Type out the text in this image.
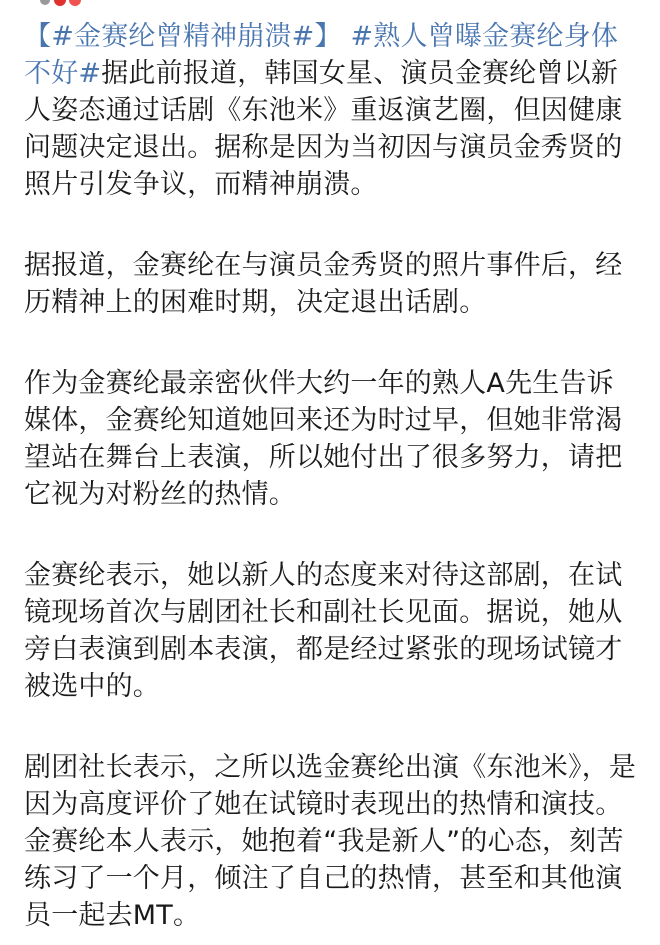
【#金赛纶曾精神崩溃#】 #熟人曾曝金赛纶身体不好#据此前报道，韩国女星、演员金赛纶曾以新人姿态通过话剧《东池米》重返演艺圈，但因健康问题决定退出。据称是因为当初因与演员金秀贤的照片引发争议，而精神崩溃。

据报道，金赛纶在与演员金秀贤的照片事件后，经历精神上的困难时期，决定退出话剧。

作为金赛纶最亲密伙伴大约一年的熟人A先生告诉媒体，金赛纶知道她回来还为时过早，但她非常渴望站在舞台上表演，所以她付出了很多努力，请把它视为对粉丝的热情。

金赛纶表示，她以新人的态度来对待这部剧，在试镜现场首次与剧团社长和副社长见面。据说，她从旁白表演到剧本表演，都是经过紧张的现场试镜才被选中的。

剧团社长表示，之所以选金赛纶出演《东池米》，是因为高度评价了她在试镜时表现出的热情和演技。金赛纶本人表示，她抱着“我是新人”的心态，刻苦练习了一个月，倾注了自己的热情，甚至和其他演员一起去MT。
